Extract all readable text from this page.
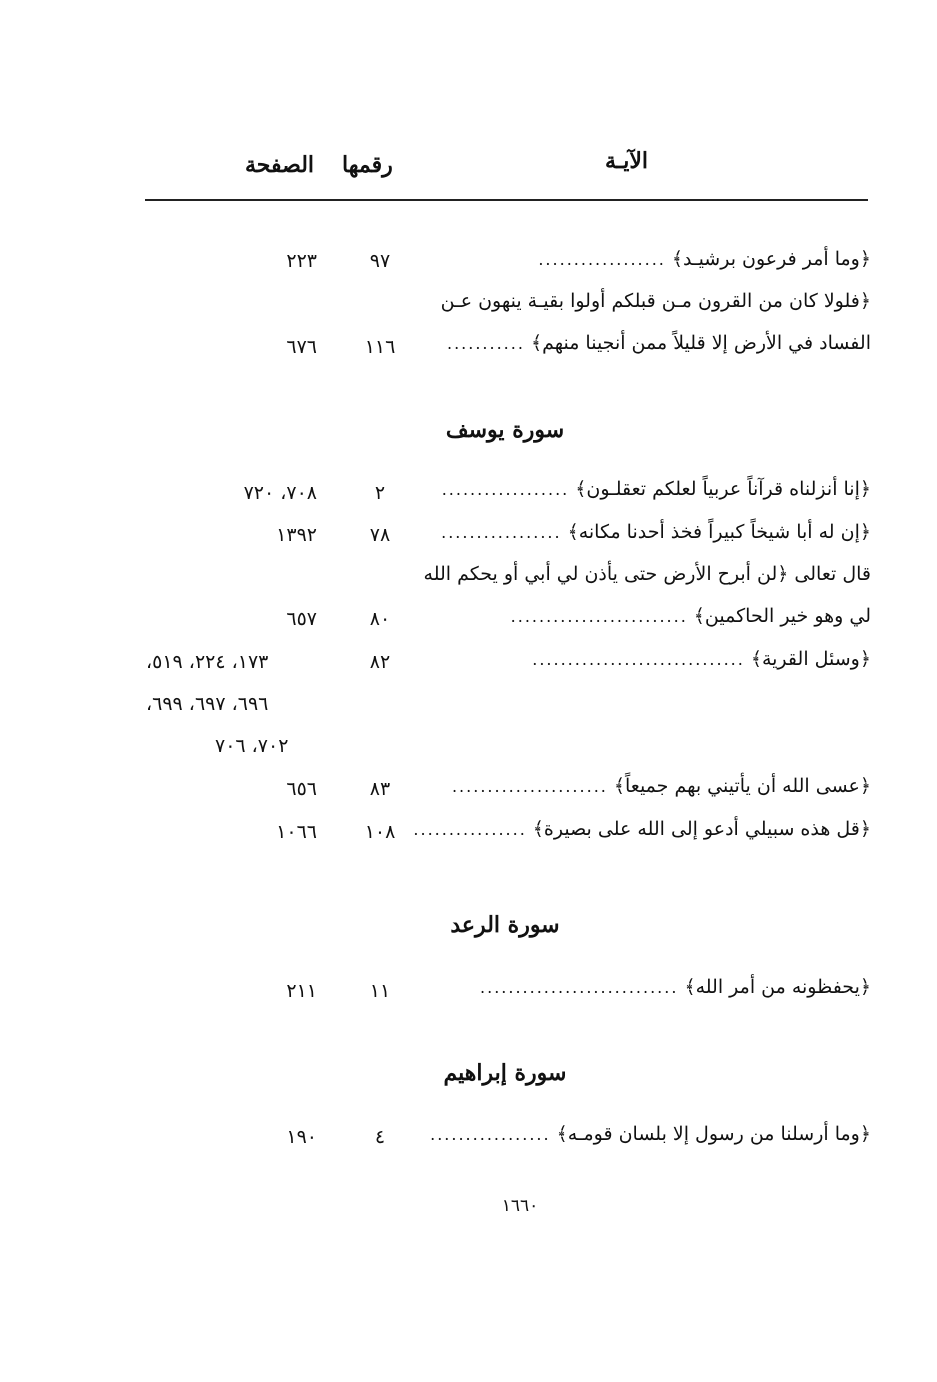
الآيـة
رقمها
الصفحة
﴿وما أمر فرعون برشيـد﴾
..................
٩٧
٢٢٣
﴿فلولا كان من القرون مـن قبلكم أولوا بقيـة ينهون عـن
الفساد في الأرض إلا قليلاً ممن أنجينا منهم﴾
...........
١١٦
٦٧٦
سورة يوسف
﴿إنا أنزلناه قرآناً عربياً لعلكم تعقلـون﴾
..................
٢
٧٠٨، ٧٢٠
﴿إن له أبا شيخاً كبيراً فخذ أحدنا مكانه﴾
.................
٧٨
١٣٩٢
قال تعالى ﴿لن أبرح الأرض حتى يأذن لي أبي أو يحكم الله
لي وهو خير الحاكمين﴾
.........................
٨٠
٦٥٧
﴿وسئل القرية﴾
..............................
٨٢
١٧٣، ٢٢٤، ٥١٩،
٦٩٦، ٦٩٧، ٦٩٩،
٧٠٢، ٧٠٦
﴿عسى الله أن يأتيني بهم جميعاً﴾
......................
٨٣
٦٥٦
﴿قل هذه سبيلي أدعو إلى الله على بصيرة﴾
................
١٠٨
١٠٦٦
سورة الرعد
﴿يحفظونه من أمر الله﴾
............................
١١
٢١١
سورة إبراهيم
﴿وما أرسلنا من رسول إلا بلسان قومـه﴾
.................
٤
١٩٠
١٦٦٠
